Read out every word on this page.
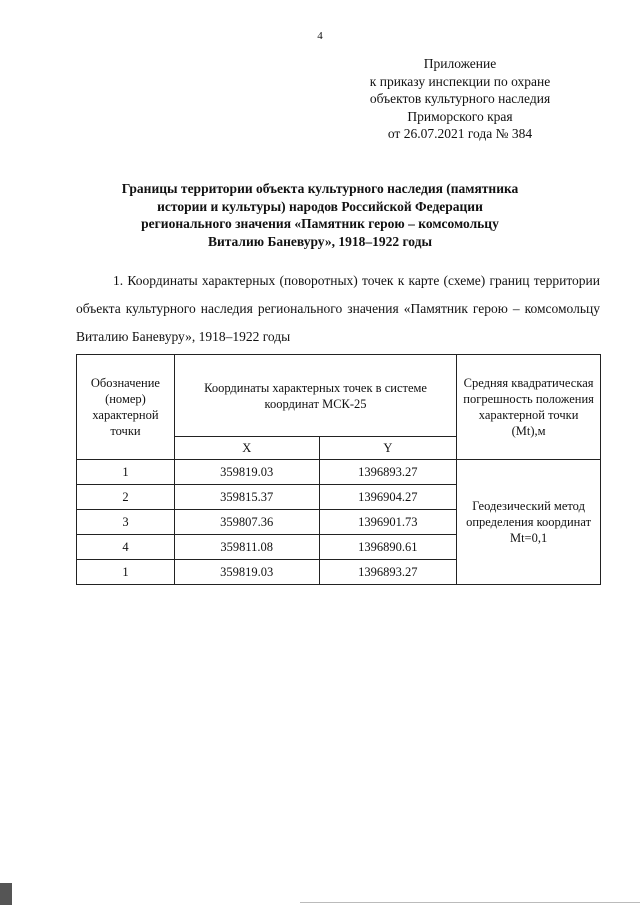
4
Приложение
к приказу инспекции по охране
объектов культурного наследия
Приморского края
от 26.07.2021 года № 384
Границы территории объекта культурного наследия (памятника
истории и культуры) народов Российской Федерации
регионального значения «Памятник герою – комсомольцу
Виталию Баневуру», 1918–1922 годы
1. Координаты характерных (поворотных) точек к карте (схеме) границ территории объекта культурного наследия регионального значения «Памятник герою – комсомольцу Виталию Баневуру», 1918–1922 годы
Обозначение (номер) характерной точки	Координаты характерных точек в системе координат МСК-25		Средняя квадратическая погрешность положения характерной точки (Mt),м
	X	Y	
1	359819.03	1396893.27	Геодезический метод определения координат Mt=0,1
2	359815.37	1396904.27	
3	359807.36	1396901.73	
4	359811.08	1396890.61	
1	359819.03	1396893.27	
